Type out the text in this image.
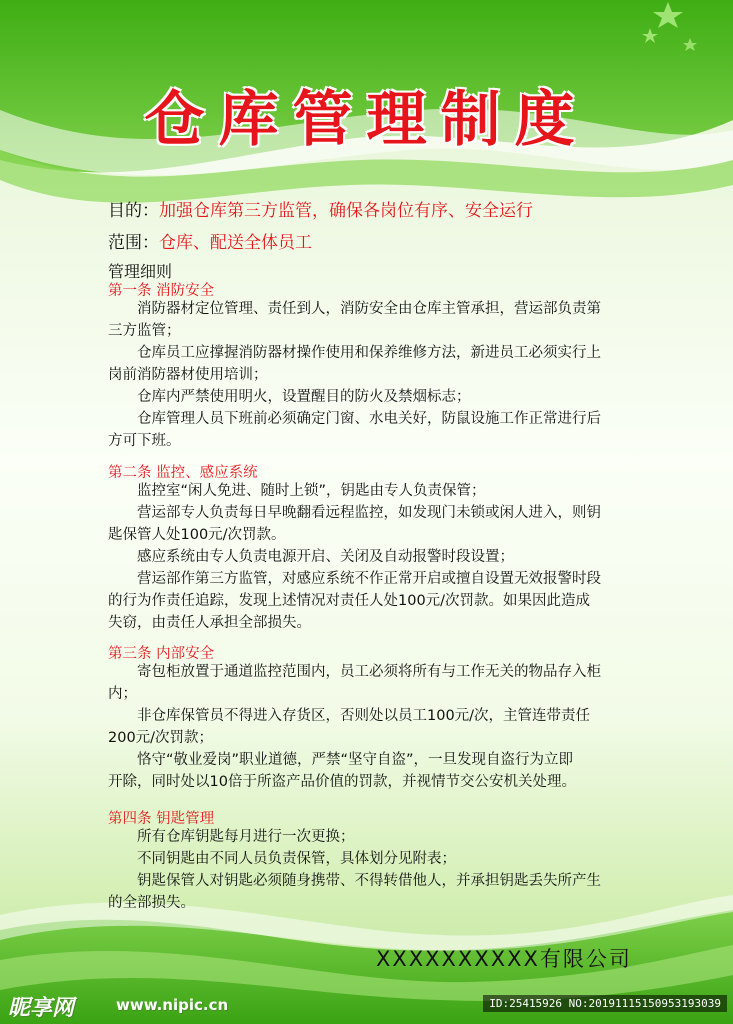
仓库管理制度
目的：加强仓库第三方监管，确保各岗位有序、安全运行
范围：仓库、配送全体员工
管理细则
第一条 消防安全
　　消防器材定位管理、责任到人，消防安全由仓库主管承担，营运部负责第
三方监管；
　　仓库员工应撑握消防器材操作使用和保养维修方法，新进员工必须实行上
岗前消防器材使用培训；
　　仓库内严禁使用明火，设置醒目的防火及禁烟标志；
　　仓库管理人员下班前必须确定门窗、水电关好，防鼠设施工作正常进行后
方可下班。
第二条 监控、感应系统
　　监控室“闲人免进、随时上锁”，钥匙由专人负责保管；
　　营运部专人负责每日早晚翻看远程监控，如发现门未锁或闲人进入，则钥
匙保管人处100元/次罚款。
　　感应系统由专人负责电源开启、关闭及自动报警时段设置；
　　营运部作第三方监管，对感应系统不作正常开启或擅自设置无效报警时段
的行为作责任追踪，发现上述情况对责任人处100元/次罚款。如果因此造成
失窃，由责任人承担全部损失。
第三条 内部安全
　　寄包柜放置于通道监控范围内，员工必须将所有与工作无关的物品存入柜
内；
　　非仓库保管员不得进入存货区，否则处以员工100元/次，主管连带责任
200元/次罚款；
　　恪守“敬业爱岗”职业道德，严禁“坚守自盗”，一旦发现自盗行为立即
开除，同时处以10倍于所盗产品价值的罚款，并视情节交公安机关处理。
第四条 钥匙管理
　　所有仓库钥匙每月进行一次更换；
　　不同钥匙由不同人员负责保管，具体划分见附表；
　　钥匙保管人对钥匙必须随身携带、不得转借他人，并承担钥匙丢失所产生
的全部损失。
XXXXXXXXXX有限公司
昵享网	www.nipic.cn	ID:25415926 NO:20191115150953193039
